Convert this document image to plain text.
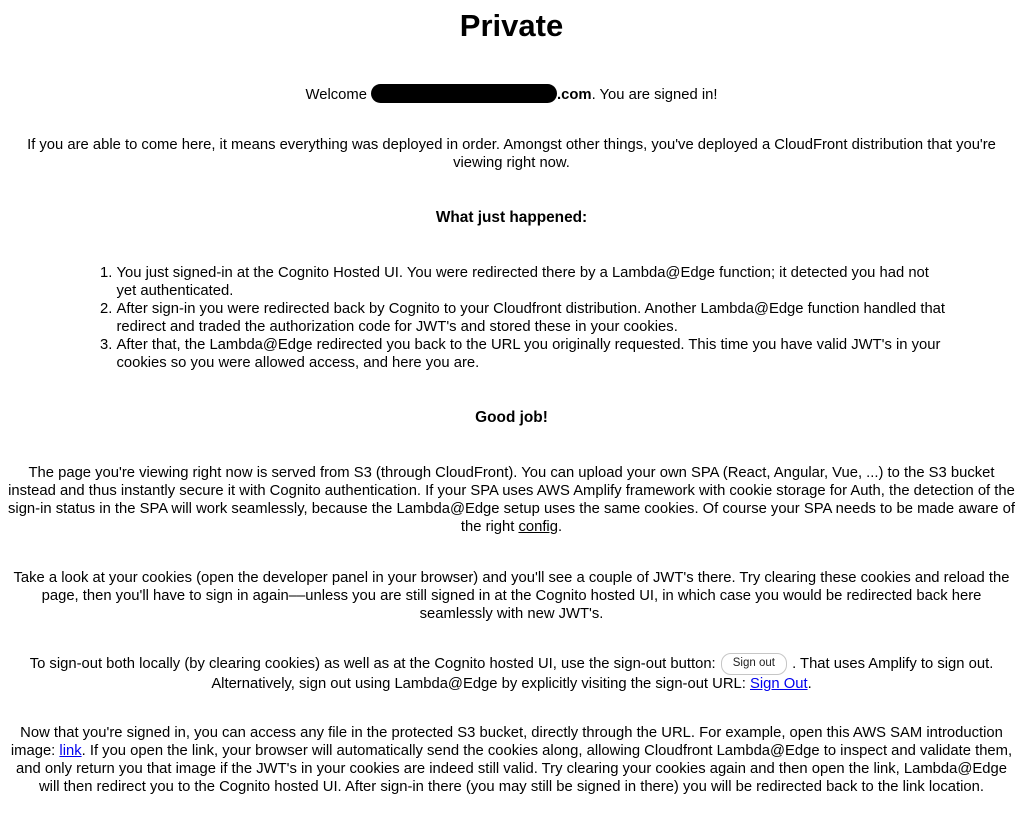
Private

Welcome	.com. You are signed in!

If you are able to come here, it means everything was deployed in order. Amongst other things, you've deployed a CloudFront distribution that you're viewing right now.

What just happened:

1. You just signed-in at the Cognito Hosted UI. You were redirected there by a Lambda@Edge function; it detected you had not yet authenticated.
2. After sign-in you were redirected back by Cognito to your Cloudfront distribution. Another Lambda@Edge function handled that redirect and traded the authorization code for JWT's and stored these in your cookies.
3. After that, the Lambda@Edge redirected you back to the URL you originally requested. This time you have valid JWT's in your cookies so you were allowed access, and here you are.

Good job!

The page you're viewing right now is served from S3 (through CloudFront). You can upload your own SPA (React, Angular, Vue, ...) to the S3 bucket instead and thus instantly secure it with Cognito authentication. If your SPA uses AWS Amplify framework with cookie storage for Auth, the detection of the sign-in status in the SPA will work seamlessly, because the Lambda@Edge setup uses the same cookies. Of course your SPA needs to be made aware of the right config.

Take a look at your cookies (open the developer panel in your browser) and you'll see a couple of JWT's there. Try clearing these cookies and reload the page, then you'll have to sign in again––unless you are still signed in at the Cognito hosted UI, in which case you would be redirected back here seamlessly with new JWT's.

To sign-out both locally (by clearing cookies) as well as at the Cognito hosted UI, use the sign-out button: Sign out . That uses Amplify to sign out. Alternatively, sign out using Lambda@Edge by explicitly visiting the sign-out URL: Sign Out.

Now that you're signed in, you can access any file in the protected S3 bucket, directly through the URL. For example, open this AWS SAM introduction image: link. If you open the link, your browser will automatically send the cookies along, allowing Cloudfront Lambda@Edge to inspect and validate them, and only return you that image if the JWT's in your cookies are indeed still valid. Try clearing your cookies again and then open the link, Lambda@Edge will then redirect you to the Cognito hosted UI. After sign-in there (you may still be signed in there) you will be redirected back to the link location.
